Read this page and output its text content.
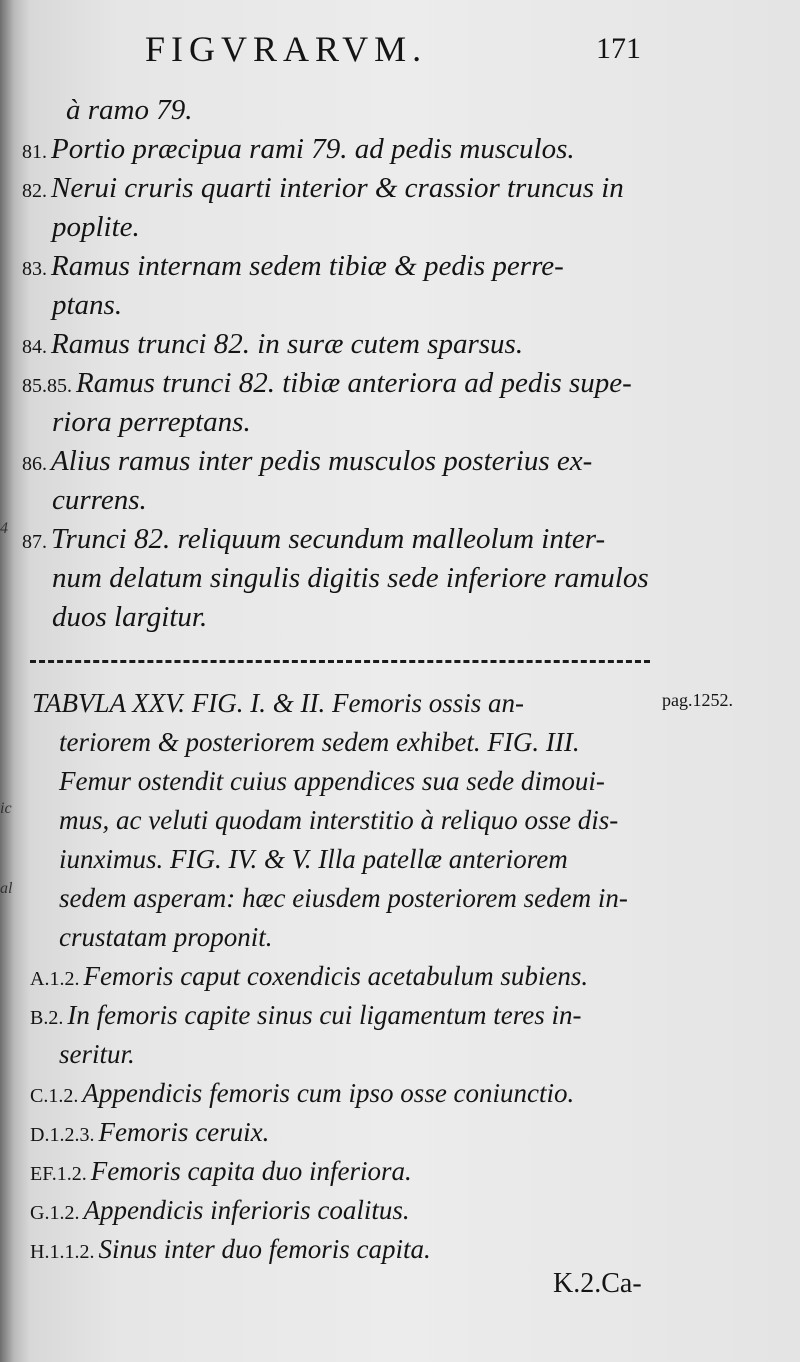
4
ic
al
FIGVRARVM.	171
à ramo 79.
81. Portio præcipua rami 79. ad pedis musculos.
82. Nerui cruris quarti interior & crassior truncus in
poplite.
83. Ramus internam sedem tibiæ & pedis perre-
ptans.
84. Ramus trunci 82. in suræ cutem sparsus.
85.85. Ramus trunci 82. tibiæ anteriora ad pedis supe-
riora perreptans.
86. Alius ramus inter pedis musculos posterius ex-
currens.
87. Trunci 82. reliquum secundum malleolum inter-
num delatum singulis digitis sede inferiore ramulos
duos largitur.
pag.1252.
TABVLA XXV. FIG. I. & II. Femoris ossis an-
teriorem & posteriorem sedem exhibet. FIG. III.
Femur ostendit cuius appendices sua sede dimoui-
mus, ac veluti quodam interstitio à reliquo osse dis-
iunximus. FIG. IV. & V. Illa patellæ anteriorem
sedem asperam: hæc eiusdem posteriorem sedem in-
crustatam proponit.
A.1.2. Femoris caput coxendicis acetabulum subiens.
B.2. In femoris capite sinus cui ligamentum teres in-
seritur.
C.1.2. Appendicis femoris cum ipso osse coniunctio.
D.1.2.3. Femoris ceruix.
EF.1.2. Femoris capita duo inferiora.
G.1.2. Appendicis inferioris coalitus.
H.1.1.2. Sinus inter duo femoris capita.
K.2.Ca-
